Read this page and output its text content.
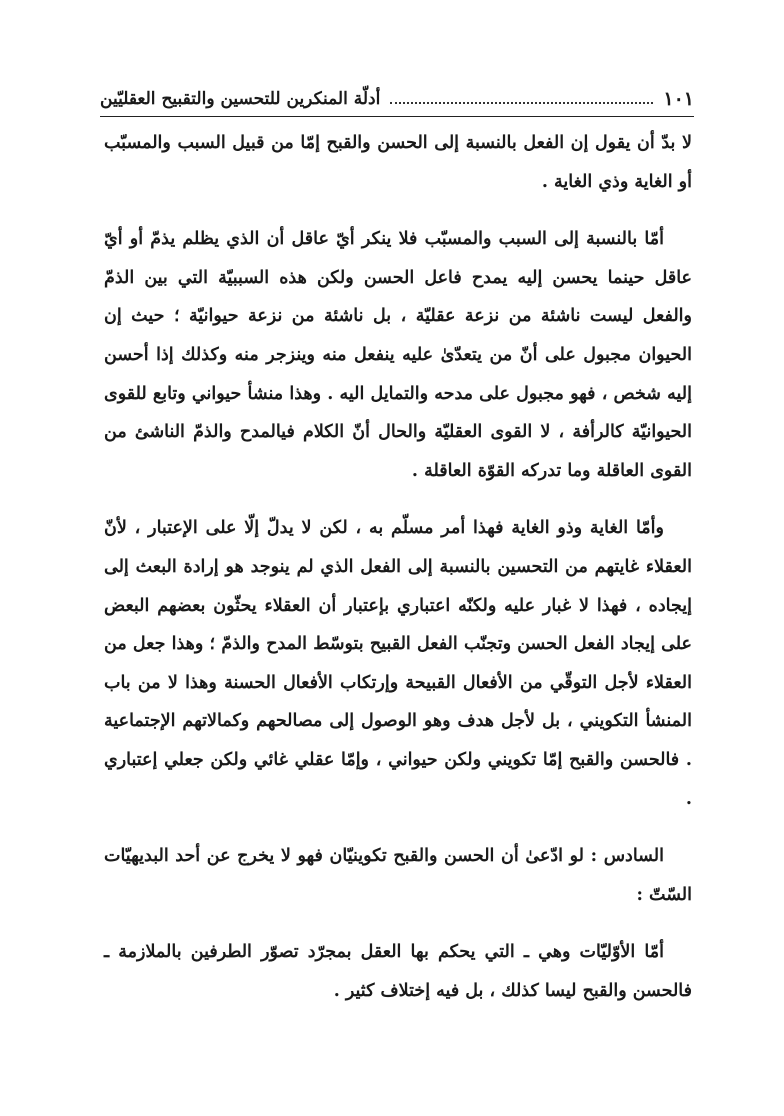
١٠١
أدلّة المنكرين للتحسين والتقبيح العقليّين

لا بدّ أن يقول إن الفعل بالنسبة إلى الحسن والقبح إمّا من قبيل السبب والمسبّب أو الغاية وذي الغاية .

أمّا بالنسبة إلى السبب والمسبّب فلا ينكر أيّ عاقل أن الذي يظلم يذمّ أو أيّ عاقل حينما يحسن إليه يمدح فاعل الحسن ولكن هذه السببيّة التي بين الذمّ والفعل ليست ناشئة من نزعة عقليّة ، بل ناشئة من نزعة حيوانيّة ؛ حيث إن الحيوان مجبول على أنّ من يتعدّىٰ عليه ينفعل منه وينزجر منه وكذلك إذا أحسن إليه شخص ، فهو مجبول على مدحه والتمايل اليه . وهذا منشأ حيواني وتابع للقوى الحيوانيّة كالرأفة ، لا القوى العقليّة والحال أنّ الكلام فيالمدح والذمّ الناشئ من القوى العاقلة وما تدركه القوّة العاقلة .

وأمّا الغاية وذو الغاية فهذا أمر مسلّم به ، لكن لا يدلّ إلّا على الإعتبار ، لأنّ العقلاء غايتهم من التحسين بالنسبة إلى الفعل الذي لم ينوجد هو إرادة البعث إلى إيجاده ، فهذا لا غبار عليه ولكنّه اعتباري بإعتبار أن العقلاء يحثّون بعضهم البعض على إيجاد الفعل الحسن وتجنّب الفعل القبيح بتوسّط المدح والذمّ ؛ وهذا جعل من العقلاء لأجل التوقّي من الأفعال القبيحة وإرتكاب الأفعال الحسنة وهذا لا من باب المنشأ التكويني ، بل لأجل هدف وهو الوصول إلى مصالحهم وكمالاتهم الإجتماعية . فالحسن والقبح إمّا تكويني ولكن حيواني ، وإمّا عقلي غائي ولكن جعلي إعتباري .

السادس : لو ادّعىٰ أن الحسن والقبح تكوينيّان فهو لا يخرج عن أحد البديهيّات السّتّ :

أمّا الأوّليّات وهي ـ التي يحكم بها العقل بمجرّد تصوّر الطرفين بالملازمة ـ فالحسن والقبح ليسا كذلك ، بل فيه إختلاف كثير .
